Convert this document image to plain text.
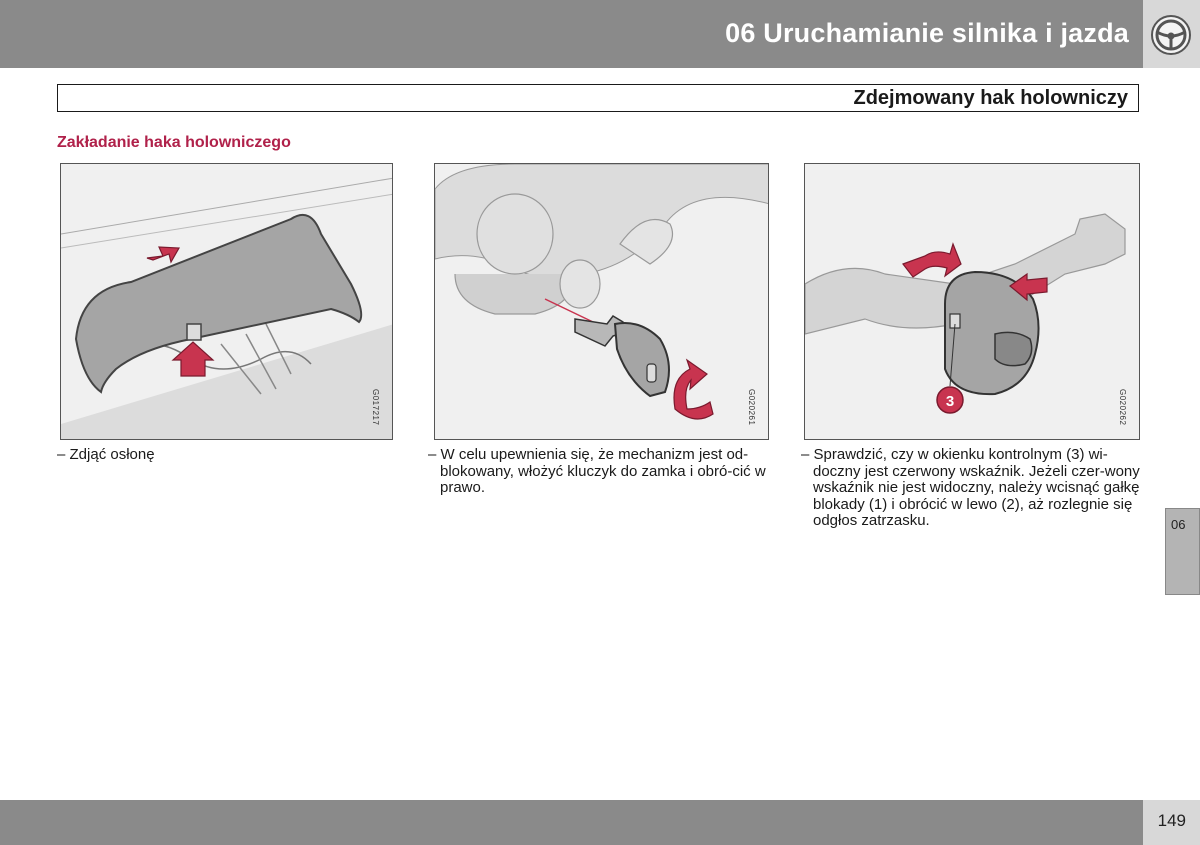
06 Uruchamianie silnika i jazda
Zdejmowany hak holowniczy
Zakładanie haka holowniczego
G017217	G020261	3	G020262

– Zdjąć osłonę	– W celu upewnienia się, że mechanizm jest od-blokowany, włożyć kluczyk do zamka i obró-cić w prawo.

– Sprawdzić, czy w okienku kontrolnym (3) wi-doczny jest czerwony wskaźnik. Jeżeli czer-wony wskaźnik nie jest widoczny, należy wcisnąć gałkę blokady (1) i obrócić w lewo (2), aż rozlegnie się odgłos zatrzasku.	06
149
